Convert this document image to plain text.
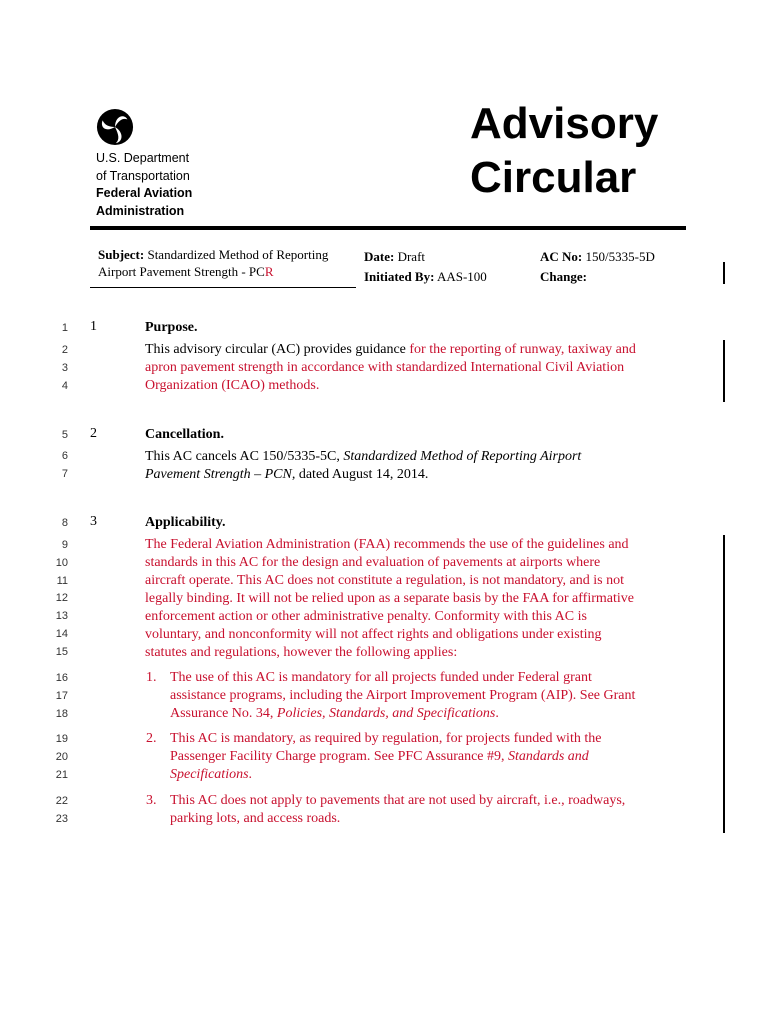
U.S. Department
of Transportation
Federal Aviation
Administration
Advisory
Circular
Subject: Standardized Method of Reporting
Airport Pavement Strength - PCR
Date: Draft
Initiated By: AAS-100
AC No: 150/5335-5D
Change:
1
2
3
4
5
6
7
8
9
10
11
12
13
14
15
16
17
18
19
20
21
22
23
1	Purpose.
This advisory circular (AC) provides guidance for the reporting of runway, taxiway and
apron pavement strength in accordance with standardized International Civil Aviation
Organization (ICAO) methods.
2	Cancellation.
This AC cancels AC 150/5335-5C, Standardized Method of Reporting Airport
Pavement Strength – PCN, dated August 14, 2014.
3	Applicability.
The Federal Aviation Administration (FAA) recommends the use of the guidelines and
standards in this AC for the design and evaluation of pavements at airports where
aircraft operate. This AC does not constitute a regulation, is not mandatory, and is not
legally binding. It will not be relied upon as a separate basis by the FAA for affirmative
enforcement action or other administrative penalty. Conformity with this AC is
voluntary, and nonconformity will not affect rights and obligations under existing
statutes and regulations, however the following applies:
1. The use of this AC is mandatory for all projects funded under Federal grant
assistance programs, including the Airport Improvement Program (AIP). See Grant
Assurance No. 34, Policies, Standards, and Specifications.
2. This AC is mandatory, as required by regulation, for projects funded with the
Passenger Facility Charge program. See PFC Assurance #9, Standards and
Specifications.
3. This AC does not apply to pavements that are not used by aircraft, i.e., roadways,
parking lots, and access roads.
